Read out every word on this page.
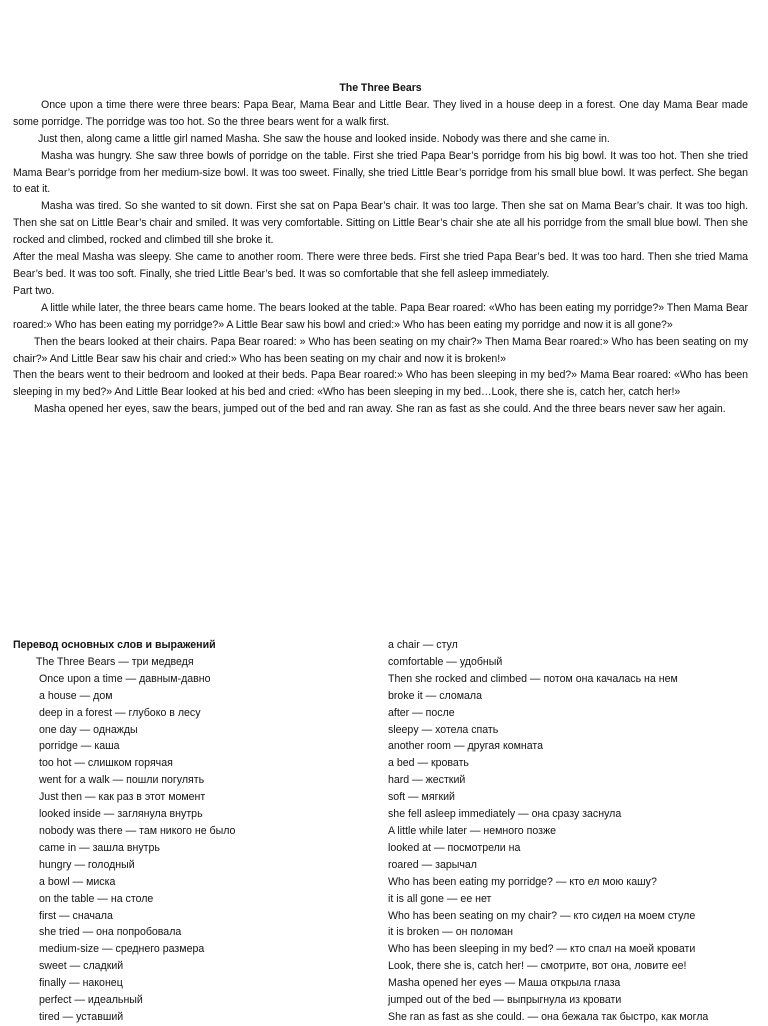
The Three Bears

Once upon a time there were three bears: Papa Bear, Mama Bear and Little Bear. They lived in a house deep in a forest. One day Mama Bear made some porridge. The porridge was too hot. So the three bears went for a walk first.

Just then, along came a little girl named Masha. She saw the house and looked inside. Nobody was there and she came in.

Masha was hungry. She saw three bowls of porridge on the table. First she tried Papa Bear’s porridge from his big bowl. It was too hot. Then she tried Mama Bear’s porridge from her medium-size bowl. It was too sweet. Finally, she tried Little Bear’s porridge from his small blue bowl. It was perfect. She began to eat it.

Masha was tired. So she wanted to sit down. First she sat on Papa Bear’s chair. It was too large. Then she sat on Mama Bear’s chair. It was too high. Then she sat on Little Bear’s chair and smiled. It was very comfortable. Sitting on Little Bear’s chair she ate all his porridge from the small blue bowl. Then she rocked and climbed, rocked and climbed till she broke it.

After the meal Masha was sleepy. She came to another room. There were three beds. First she tried Papa Bear’s bed. It was too hard. Then she tried Mama Bear’s bed. It was too soft. Finally, she tried Little Bear’s bed. It was so comfortable that she fell asleep immediately.

Part two.

A little while later, the three bears came home. The bears looked at the table. Papa Bear roared: «Who has been eating my porridge?» Then Mama Bear roared:» Who has been eating my porridge?» A Little Bear saw his bowl and cried:» Who has been eating my porridge and now it is all gone?»

Then the bears looked at their chairs. Papa Bear roared: » Who has been seating on my chair?» Then Mama Bear roared:» Who has been seating on my chair?» And Little Bear saw his chair and cried:» Who has been seating on my chair and now it is broken!»

Then the bears went to their bedroom and looked at their beds. Papa Bear roared:» Who has been sleeping in my bed?» Mama Bear roared: «Who has been sleeping in my bed?» And Little Bear looked at his bed and cried: «Who has been sleeping in my bed…Look, there she is, catch her, catch her!»

Masha opened her eyes, saw the bears, jumped out of the bed and ran away. She ran as fast as she could. And the three bears never saw her again.

Перевод основных слов и выражений

The Three Bears — три медведя
Once upon a time — давным-давно
a house — дом
deep in a forest — глубоко в лесу
one day — однажды
porridge — каша
too hot — слишком горячая
went for a walk — пошли погулять
Just then — как раз в этот момент
looked inside — заглянула внутрь
nobody was there — там никого не было
came in — зашла внутрь
hungry — голодный
a bowl — миска
on the table — на столе
first — сначала
she tried — она попробовала
medium-size — среднего размера
sweet — сладкий
finally — наконец
perfect — идеальный
tired — уставший
a chair — стул
comfortable — удобный
Then she rocked and climbed — потом она качалась на нем
broke it — сломала
after — после
sleepy — хотела спать
another room — другая комната
a bed — кровать
hard — жесткий
soft — мягкий
she fell asleep immediately — она сразу заснула
A little while later — немного позже
looked at — посмотрели на
roared — зарычал
Who has been eating my porridge? — кто ел мою кашу?
it is all gone — ее нет
Who has been seating on my chair? — кто сидел на моем стуле
it is broken — он поломан
Who has been sleeping in my bed? — кто спал на моей кровати
Look, there she is, catch her! — смотрите, вот она, ловите ее!
Masha opened her eyes — Маша открыла глаза
jumped out of the bed — выпрыгнула из кровати
She ran as fast as she could. — она бежала так быстро, как могла
